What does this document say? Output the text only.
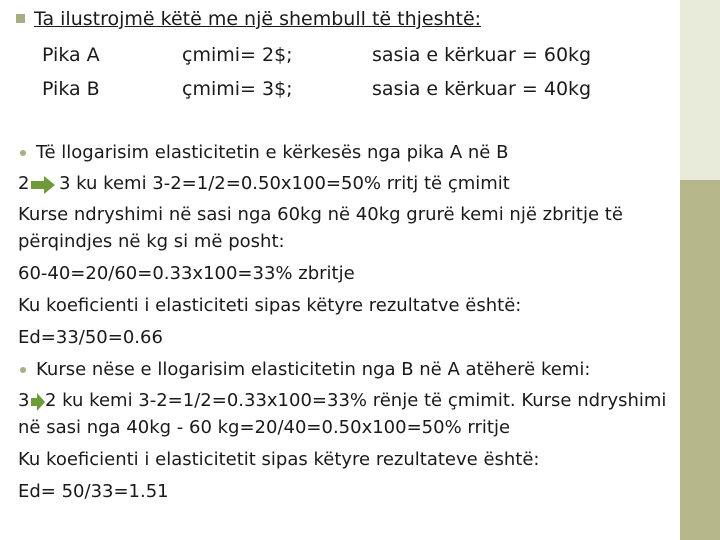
Ta ilustrojmë këtë me një shembull të thjeshtë:
Pika A	çmimi= 2$;	sasia e kërkuar = 60kg
Pika B	çmimi= 3$;	sasia e kërkuar = 40kg
Të llogarisim elasticitetin e kërkesës nga pika A në B
2 3 ku kemi 3-2=1/2=0.50x100=50% rritj të çmimit
Kurse ndryshimi në sasi nga 60kg në 40kg grurë kemi një zbritje të
përqindjes në kg si më posht:
60-40=20/60=0.33x100=33% zbritje
Ku koeficienti i elasticiteti sipas këtyre rezultatve është:
Ed=33/50=0.66
Kurse nëse e llogarisim elasticitetin nga B në A atëherë kemi:
3 2 ku kemi 3-2=1/2=0.33x100=33% rënje të çmimit. Kurse ndryshimi
në sasi nga 40kg - 60 kg=20/40=0.50x100=50% rritje
Ku koeficienti i elasticitetit sipas këtyre rezultateve është:
Ed= 50/33=1.51
